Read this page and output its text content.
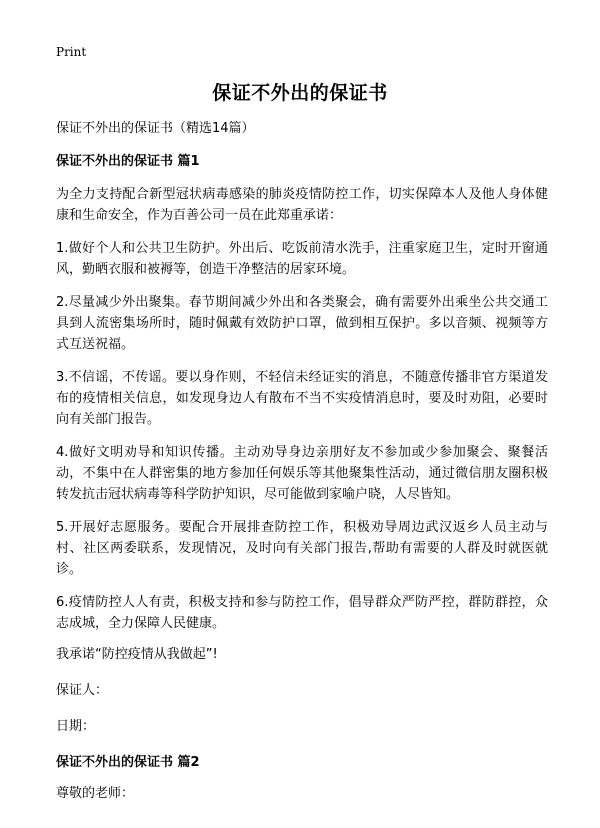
Print
保证不外出的保证书
保证不外出的保证书（精选14篇）
保证不外出的保证书 篇1
为全力支持配合新型冠状病毒感染的肺炎疫情防控工作，切实保障本人及他人身体健康和生命安全，作为百善公司一员在此郑重承诺：
1.做好个人和公共卫生防护。外出后、吃饭前清水洗手，注重家庭卫生，定时开窗通风，勤晒衣服和被褥等，创造干净整洁的居家环境。
2.尽量减少外出聚集。春节期间减少外出和各类聚会，确有需要外出乘坐公共交通工具到人流密集场所时，随时佩戴有效防护口罩，做到相互保护。多以音频、视频等方式互送祝福。
3.不信谣，不传谣。要以身作则，不轻信未经证实的消息，不随意传播非官方渠道发布的疫情相关信息，如发现身边人有散布不当不实疫情消息时，要及时劝阻，必要时向有关部门报告。
4.做好文明劝导和知识传播。主动劝导身边亲朋好友不参加或少参加聚会、聚餐活动，不集中在人群密集的地方参加任何娱乐等其他聚集性活动，通过微信朋友圈积极转发抗击冠状病毒等科学防护知识，尽可能做到家喻户晓，人尽皆知。
5.开展好志愿服务。要配合开展排查防控工作，积极劝导周边武汉返乡人员主动与村、社区两委联系，发现情况，及时向有关部门报告,帮助有需要的人群及时就医就诊。
6.疫情防控人人有责，积极支持和参与防控工作，倡导群众严防严控，群防群控，众志成城，全力保障人民健康。
我承诺“防控疫情从我做起”!
保证人：
日期：
保证不外出的保证书 篇2
尊敬的老师：
